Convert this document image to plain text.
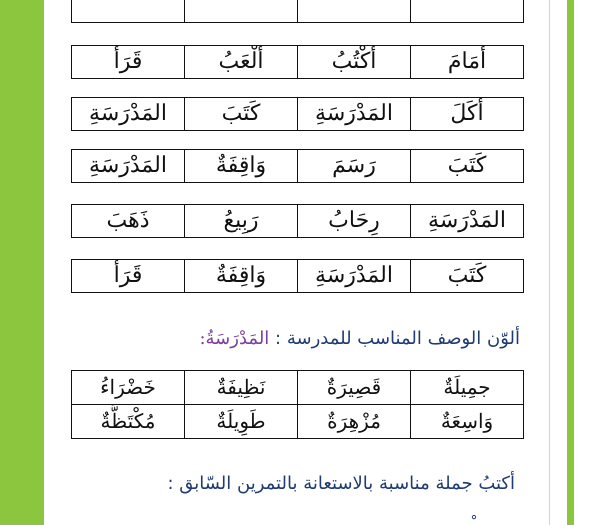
أَمَامَ	أَكْتُبُ	أَلْعَبُ	قَرَأَ
أَكَلَ	المَدْرَسَةِ	كَتَبَ	المَدْرَسَةِ
كَتَبَ	رَسَمَ	وَاقِفَةٌ	المَدْرَسَةِ
المَدْرَسَةِ	رِحَابُ	رَبِيعُ	ذَهَبَ
كَتَبَ	المَدْرَسَةِ	وَاقِفَةٌ	قَرَأَ
ألوّن الوصف المناسب للمدرسة : المَدْرَسَةُ:
جمِيلَةٌ	قَصِيرَةٌ	نَظِيفَةٌ	خَضْرَاءُ
وَاسِعَةٌ	مُزْهِرَةٌ	طَوِيلَةٌ	مُكْتَظَّةٌ
أكتبُ جملة مناسبة بالاستعانة بالتمرين السّابق :
